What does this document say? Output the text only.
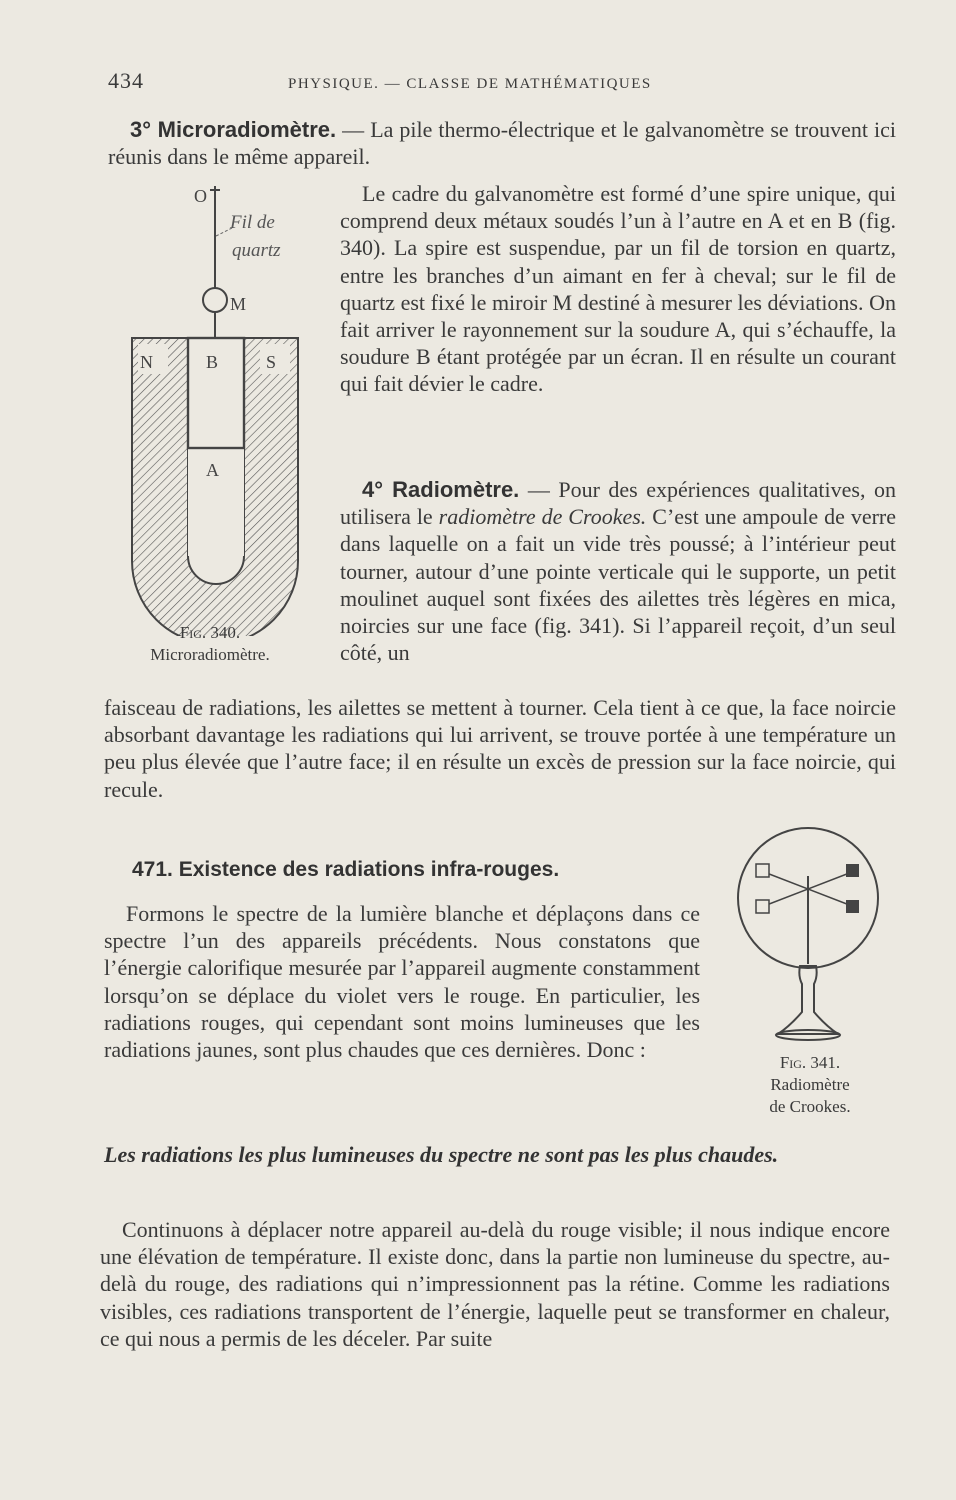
434	PHYSIQUE. — CLASSE DE MATHÉMATIQUES

3° Microradiomètre. — La pile thermo-électrique et le galvanomètre se trouvent ici réunis dans le même appareil.

O
Fil de
quartz
M
N	S
B
A
Fig. 340.
Microradiomètre.

Le cadre du galvanomètre est formé d’une spire unique, qui comprend deux métaux soudés l’un à l’autre en A et en B (fig. 340). La spire est suspendue, par un fil de torsion en quartz, entre les branches d’un aimant en fer à cheval; sur le fil de quartz est fixé le miroir M destiné à mesurer les déviations. On fait arriver le rayonnement sur la soudure A, qui s’échauffe, la soudure B étant protégée par un écran. Il en résulte un courant qui fait dévier le cadre.

4° Radiomètre. — Pour des expériences qualitatives, on utilisera le radiomètre de Crookes. C’est une ampoule de verre dans laquelle on a fait un vide très poussé; à l’intérieur peut tourner, autour d’une pointe verticale qui le supporte, un petit moulinet auquel sont fixées des ailettes très légères en mica, noircies sur une face (fig. 341). Si l’appareil reçoit, d’un seul côté, un

faisceau de radiations, les ailettes se mettent à tourner. Cela tient à ce que, la face noircie absorbant davantage les radiations qui lui arrivent, se trouve portée à une température un peu plus élevée que l’autre face; il en résulte un excès de pression sur la face noircie, qui recule.

471. Existence des radiations infra-rouges.

Formons le spectre de la lumière blanche et déplaçons dans ce spectre l’un des appareils précédents. Nous constatons que l’énergie calorifique mesurée par l’appareil augmente constamment lorsqu’on se déplace du violet vers le rouge. En particulier, les radiations rouges, qui cependant sont moins lumineuses que les radiations jaunes, sont plus chaudes que ces dernières. Donc :

Fig. 341.
Radiomètre
de Crookes.
Les radiations les plus lumineuses du spectre ne sont pas les plus chaudes.

Continuons à déplacer notre appareil au-delà du rouge visible; il nous indique encore une élévation de température. Il existe donc, dans la partie non lumineuse du spectre, au-delà du rouge, des radiations qui n’impressionnent pas la rétine. Comme les radiations visibles, ces radiations transportent de l’énergie, laquelle peut se transformer en chaleur, ce qui nous a permis de les déceler. Par suite
